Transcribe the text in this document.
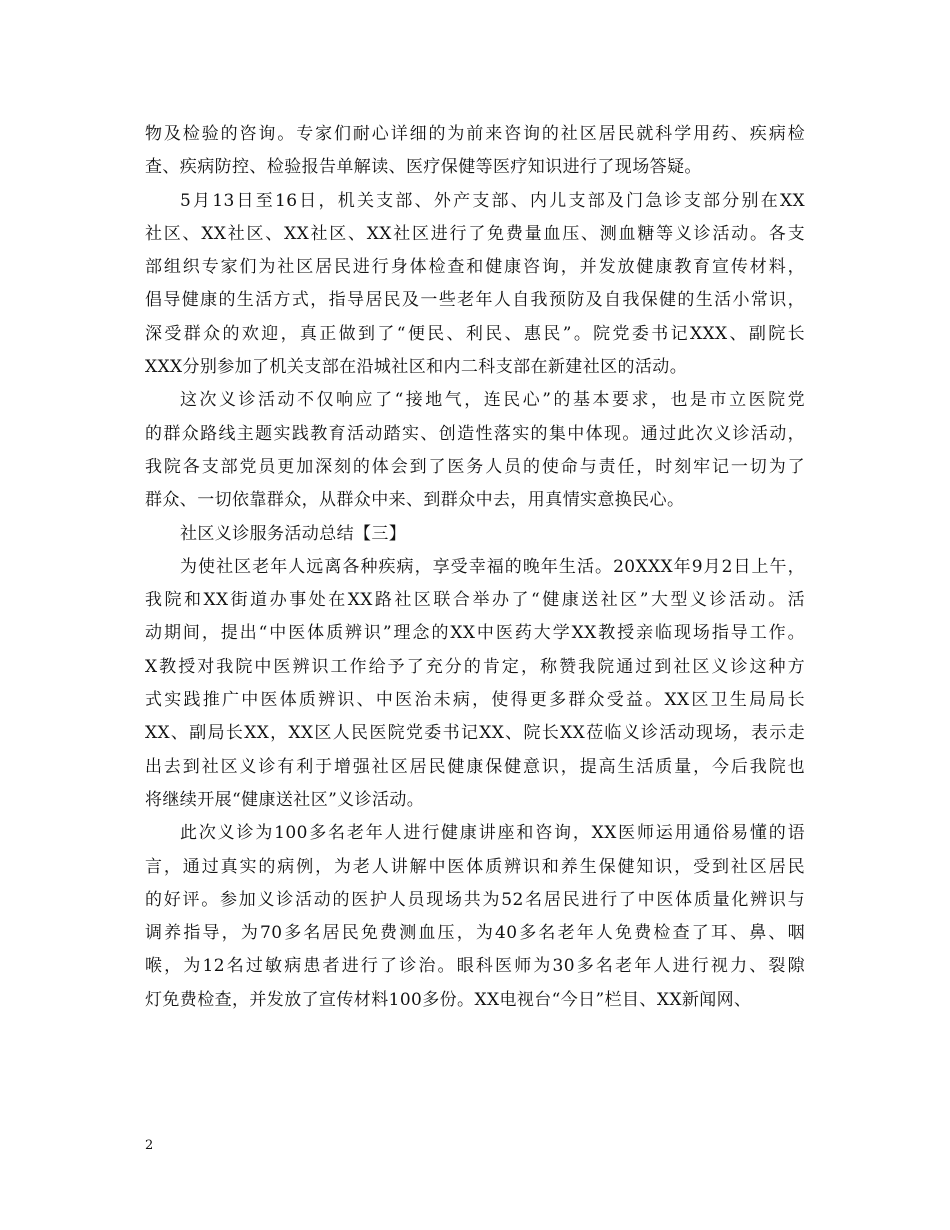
物及检验的咨询。专家们耐心详细的为前来咨询的社区居民就科学用药、疾病检
查、疾病防控、检验报告单解读、医疗保健等医疗知识进行了现场答疑。
5月13日至16日，机关支部、外产支部、内儿支部及门急诊支部分别在XX
社区、XX社区、XX社区、XX社区进行了免费量血压、测血糖等义诊活动。各支
部组织专家们为社区居民进行身体检查和健康咨询，并发放健康教育宣传材料，
倡导健康的生活方式，指导居民及一些老年人自我预防及自我保健的生活小常识，
深受群众的欢迎，真正做到了“便民、利民、惠民”。院党委书记XXX、副院长
XXX分别参加了机关支部在沿城社区和内二科支部在新建社区的活动。
这次义诊活动不仅响应了“接地气，连民心”的基本要求，也是市立医院党
的群众路线主题实践教育活动踏实、创造性落实的集中体现。通过此次义诊活动，
我院各支部党员更加深刻的体会到了医务人员的使命与责任，时刻牢记一切为了
群众、一切依靠群众，从群众中来、到群众中去，用真情实意换民心。
社区义诊服务活动总结【三】
为使社区老年人远离各种疾病，享受幸福的晚年生活。20XXX年9月2日上午，
我院和XX街道办事处在XX路社区联合举办了“健康送社区”大型义诊活动。活
动期间，提出“中医体质辨识”理念的XX中医药大学XX教授亲临现场指导工作。
X教授对我院中医辨识工作给予了充分的肯定，称赞我院通过到社区义诊这种方
式实践推广中医体质辨识、中医治未病，使得更多群众受益。XX区卫生局局长
XX、副局长XX，XX区人民医院党委书记XX、院长XX莅临义诊活动现场，表示走
出去到社区义诊有利于增强社区居民健康保健意识，提高生活质量，今后我院也
将继续开展“健康送社区”义诊活动。
此次义诊为100多名老年人进行健康讲座和咨询，XX医师运用通俗易懂的语
言，通过真实的病例，为老人讲解中医体质辨识和养生保健知识，受到社区居民
的好评。参加义诊活动的医护人员现场共为52名居民进行了中医体质量化辨识与
调养指导，为70多名居民免费测血压，为40多名老年人免费检查了耳、鼻、咽
喉，为12名过敏病患者进行了诊治。眼科医师为30多名老年人进行视力、裂隙
灯免费检查，并发放了宣传材料100多份。XX电视台“今日”栏目、XX新闻网、
2
